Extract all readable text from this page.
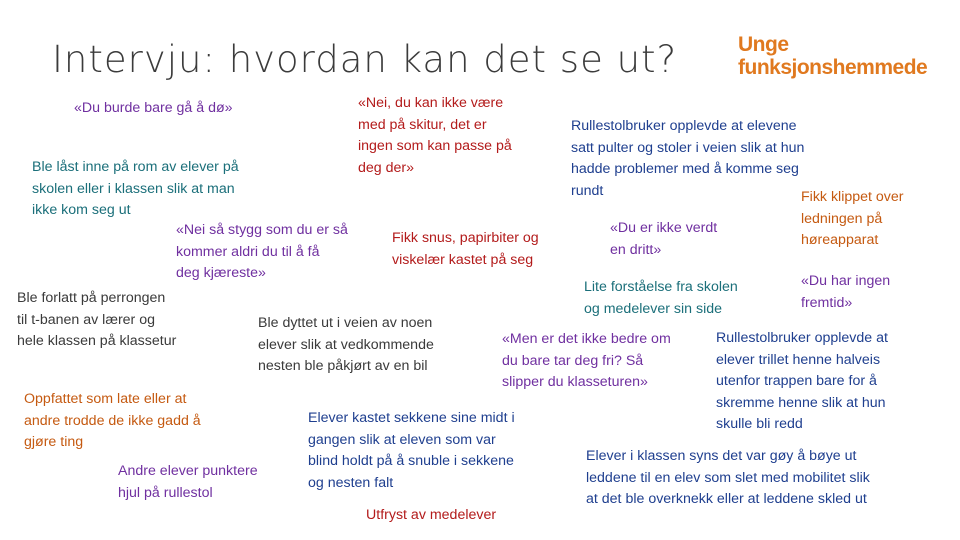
Intervju: hvordan kan det se ut?	Unge
funksjonshemmede

«Du burde bare gå å dø»	«Nei, du kan ikke være
med på skitur, det er
ingen som kan passe på
deg der»

Rullestolbruker opplevde at elevene
satt pulter og stoler i veien slik at hun
hadde problemer med å komme seg
rundt

Ble låst inne på rom av elever på
skolen eller i klassen slik at man
ikke kom seg ut

Fikk klippet over
ledningen på
høreapparat

«Nei så stygg som du er så
kommer aldri du til å få
deg kjæreste»

Fikk snus, papirbiter og
viskelær kastet på seg

«Du er ikke verdt
en dritt»

«Du har ingen
fremtid»

Lite forståelse fra skolen
og medelever sin side

Ble forlatt på perrongen
til t-banen av lærer og
hele klassen på klassetur

Ble dyttet ut i veien av noen
elever slik at vedkommende
nesten ble påkjørt av en bil

«Men er det ikke bedre om
du bare tar deg fri? Så
slipper du klasseturen»

Rullestolbruker opplevde at
elever trillet henne halveis
utenfor trappen bare for å
skremme henne slik at hun
skulle bli redd

Oppfattet som late eller at
andre trodde de ikke gadd å
gjøre ting

Elever kastet sekkene sine midt i
gangen slik at eleven som var
blind holdt på å snuble i sekkene
og nesten falt

Elever i klassen syns det var gøy å bøye ut
leddene til en elev som slet med mobilitet slik
at det ble overknekk eller at leddene skled ut

Andre elever punktere
hjul på rullestol

Utfryst av medelever
